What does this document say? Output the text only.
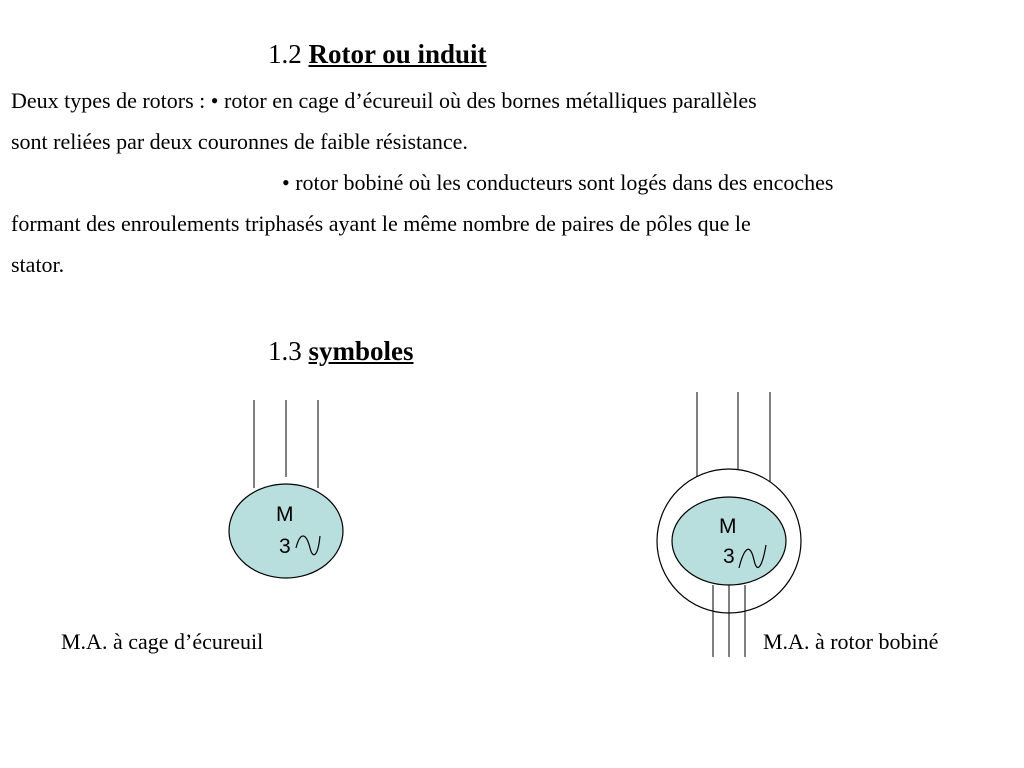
1.2 Rotor ou induit
Deux types de rotors : • rotor en cage d’écureuil où des bornes métalliques parallèles
sont reliées par deux couronnes de faible résistance.
• rotor bobiné où les conducteurs sont logés dans des encoches
formant des enroulements triphasés ayant le même nombre de paires de pôles que le
stator.
1.3 symboles
M
3
M
3
M.A. à cage d’écureuil	M.A. à rotor bobiné
